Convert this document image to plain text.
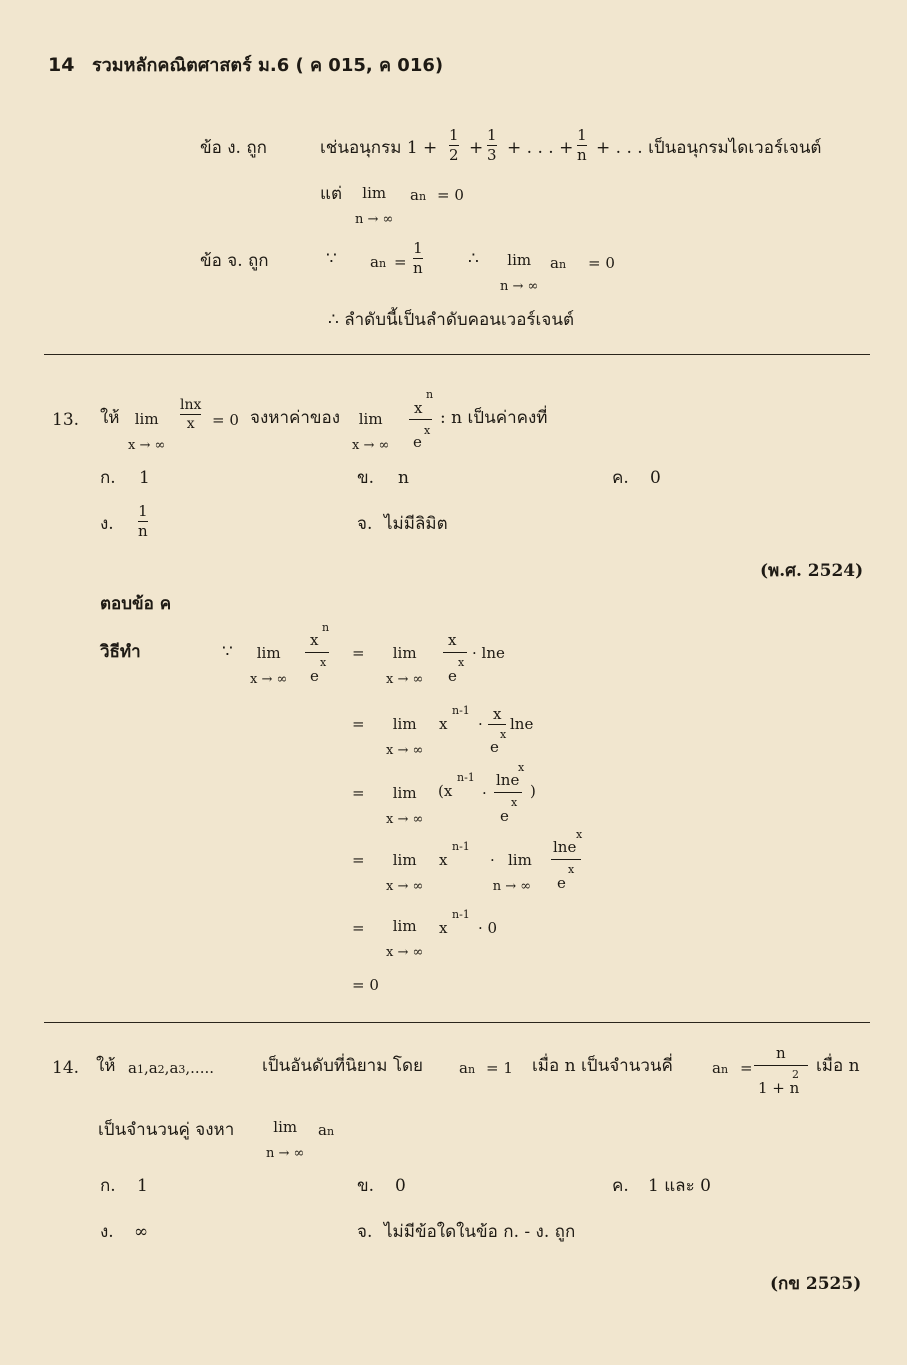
14 รวมหลักคณิตศาสตร์ ม.6 ( ค 015, ค 016)
ข้อ ง. ถูก	เช่นอนุกรม 1 +
1
2 +
1
3 + . . . +
1
n + . . . เป็นอนุกรมไดเวอร์เจนต์
แต่ lim
n → ∞
an = 0
ข้อ จ. ถูก	∵ an =
1
n	∴ lim
n → ∞
an = 0
∴ ลำดับนี้เป็นลำดับคอนเวอร์เจนต์
13. ให้ lim
x → ∞
lnx
x = 0 จงหาค่าของ lim
x → ∞
n
x
x
e
: n เป็นค่าคงที่
ก. 1	ข. n	ค. 0
ง.
1
n	จ. ไม่มีลิมิต
(พ.ศ. 2524)
ตอบข้อ ค
วิธีทำ	∵ lim
x → ∞
n
x
x
e
= lim
x → ∞
x
x
e
· lne
= lim
x → ∞
x
n-1
·
x
x
e
lne
= lim
x → ∞
(x
n-1
·
x
lne
x
e
)
= lim
x → ∞
x
n-1
· lim
n → ∞
x
lne
x
e
= lim
x → ∞
x
n-1
· 0
= 0
14. ให้ a1,a2,a3,.....	เป็นอันดับที่นิยาม โดย an = 1 เมื่อ n เป็นจำนวนคี่	an =
n
2
1 + n
เมื่อ n
เป็นจำนวนคู่ จงหา	lim
n → ∞
an
ก. 1	ข. 0	ค. 1 และ 0
ง. ∞	จ. ไม่มีข้อใดในข้อ ก. - ง. ถูก
(กข 2525)
